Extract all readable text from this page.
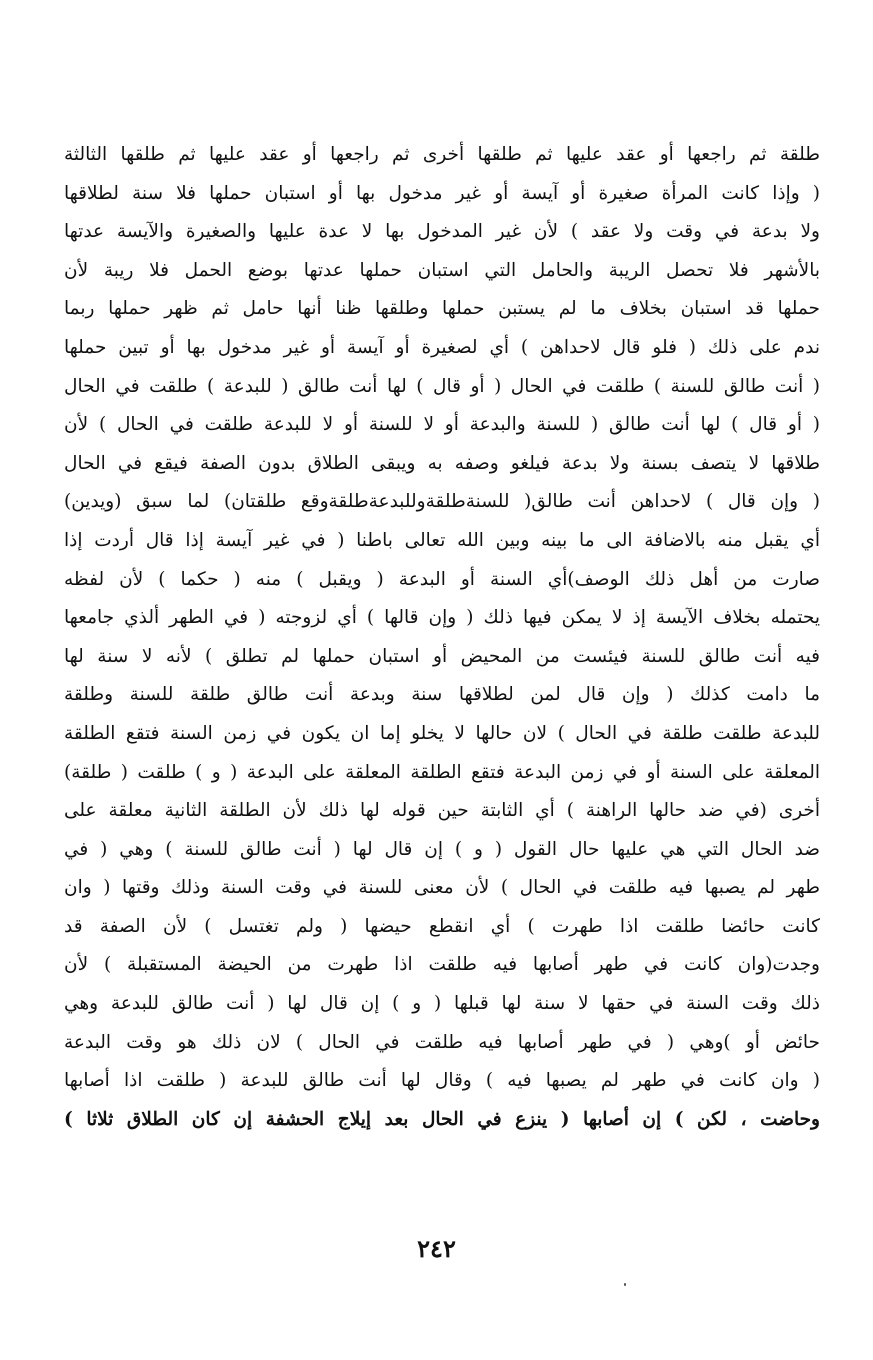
طلقة ثم راجعها أو عقد عليها ثم طلقها أخرى ثم راجعها أو عقد عليها ثم طلقها الثالثة
( وإذا كانت المرأة صغيرة أو آيسة أو غير مدخول بها أو استبان حملها فلا سنة لطلاقها
ولا بدعة في وقت ولا عقد ) لأن غير المدخول بها لا عدة عليها والصغيرة والآيسة عدتها
بالأشهر فلا تحصل الريبة والحامل التي استبان حملها عدتها بوضع الحمل فلا ريبة لأن
حملها قد استبان بخلاف ما لم يستبن حملها وطلقها ظنا أنها حامل ثم ظهر حملها ربما
ندم على ذلك ( فلو قال لاحداهن ) أي لصغيرة أو آيسة أو غير مدخول بها أو تبين حملها
( أنت طالق للسنة ) طلقت في الحال ( أو قال ) لها أنت طالق ( للبدعة ) طلقت في الحال
( أو قال ) لها أنت طالق ( للسنة والبدعة أو لا للسنة أو لا للبدعة طلقت في الحال ) لأن
طلاقها لا يتصف بسنة ولا بدعة فيلغو وصفه به ويبقى الطلاق بدون الصفة فيقع في الحال
( وإن قال ) لاحداهن أنت طالق( للسنةطلقةوللبدعةطلقةوقع طلقتان) لما سبق (ويدين)
أي يقبل منه بالاضافة الى ما بينه وبين الله تعالى باطنا ( في غير آيسة إذا قال أردت إذا
صارت من أهل ذلك الوصف)أي السنة أو البدعة ( ويقبل ) منه ( حكما ) لأن لفظه
يحتمله بخلاف الآيسة إذ لا يمكن فيها ذلك ( وإن قالها ) أي لزوجته ( في الطهر ألذي جامعها
فيه أنت طالق للسنة فيئست من المحيض أو استبان حملها لم تطلق ) لأنه لا سنة لها
ما دامت كذلك ( وإن قال لمن لطلاقها سنة وبدعة أنت طالق طلقة للسنة وطلقة
للبدعة طلقت طلقة في الحال ) لان حالها لا يخلو إما ان يكون في زمن السنة فتقع الطلقة
المعلقة على السنة أو في زمن البدعة فتقع الطلقة المعلقة على البدعة ( و ) طلقت ( طلقة)
أخرى (في ضد حالها الراهنة ) أي الثابتة حين قوله لها ذلك لأن الطلقة الثانية معلقة على
ضد الحال التي هي عليها حال القول ( و ) إن قال لها ( أنت طالق للسنة ) وهي ( في
طهر لم يصبها فيه طلقت في الحال ) لأن معنى للسنة في وقت السنة وذلك وقتها ( وان
كانت حائضا طلقت اذا طهرت ) أي انقطع حيضها ( ولم تغتسل ) لأن الصفة قد
وجدت(وان كانت في طهر أصابها فيه طلقت اذا طهرت من الحيضة المستقبلة ) لأن
ذلك وقت السنة في حقها لا سنة لها قبلها ( و ) إن قال لها ( أنت طالق للبدعة وهي
حائض أو )وهي ( في طهر أصابها فيه طلقت في الحال ) لان ذلك هو وقت البدعة
( وان كانت في طهر لم يصبها فيه ) وقال لها أنت طالق للبدعة ( طلقت اذا أصابها
وحاضت ، لكن ) إن أصابها ( ينزع في الحال بعد إيلاج الحشفة إن كان الطلاق ثلاثا )
٢٤٢
